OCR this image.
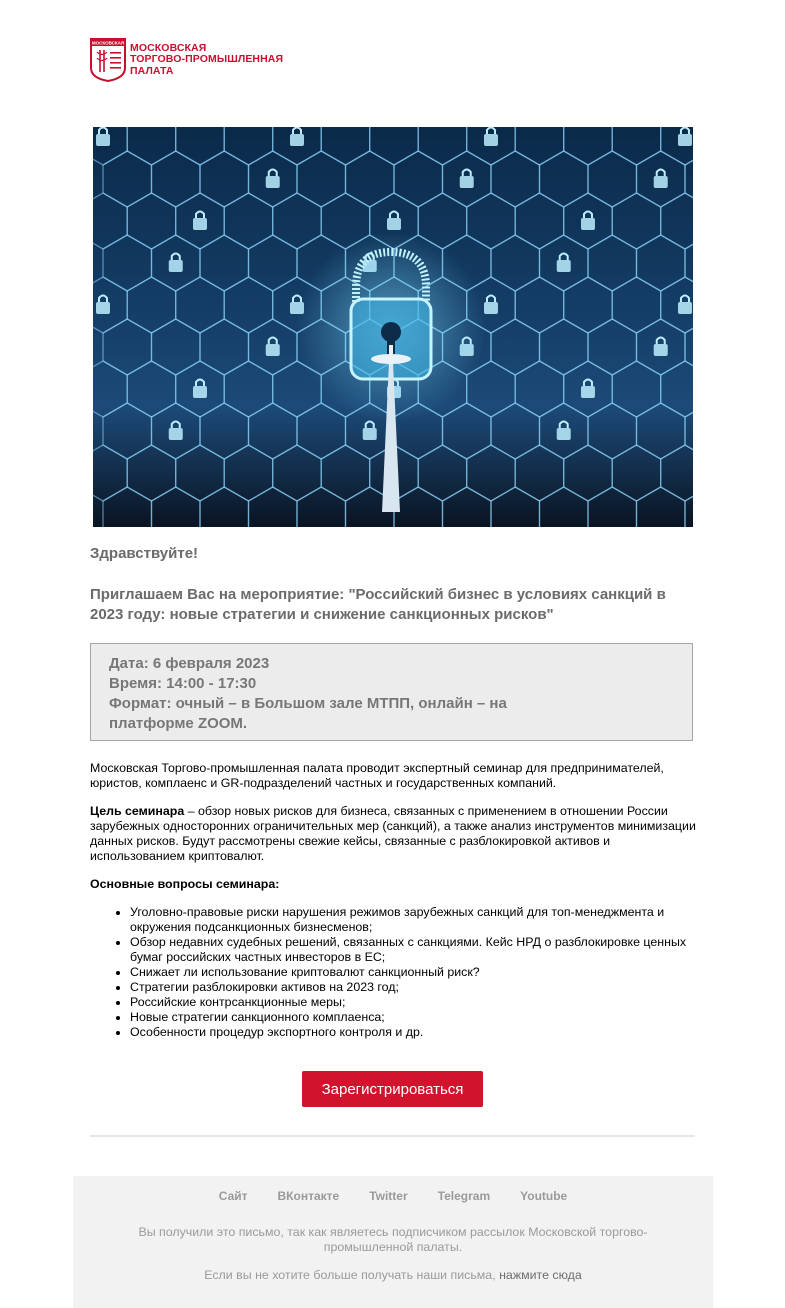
МОСКОВСКАЯ МОСКОВСКАЯ
ТОРГОВО-ПРОМЫШЛЕННАЯ
ПАЛАТА
Здравствуйте!
Приглашаем Вас на мероприятие: "Российский бизнес в условиях санкций в 2023 году: новые стратегии и снижение санкционных рисков"
Дата: 6 февраля 2023
Время: 14:00 - 17:30
Формат: очный – в Большом зале МТПП, онлайн – на платформе ZOOM.
Московская Торгово-промышленная палата проводит экспертный семинар для предпринимателей, юристов, комплаенс и GR-подразделений частных и государственных компаний.
Цель семинара – обзор новых рисков для бизнеса, связанных с применением в отношении России зарубежных односторонних ограничительных мер (санкций), а также анализ инструментов минимизации данных рисков. Будут рассмотрены свежие кейсы, связанные с разблокировкой активов и использованием криптовалют.
Основные вопросы семинара:
• Уголовно-правовые риски нарушения режимов зарубежных санкций для топ-менеджмента и окружения подсанкционных бизнесменов;
• Обзор недавних судебных решений, связанных с санкциями. Кейс НРД о разблокировке ценных бумаг российских частных инвесторов в ЕС;
• Снижает ли использование криптовалют санкционный риск?
• Стратегии разблокировки активов на 2023 год;
• Российские контрсанкционные меры;
• Новые стратегии санкционного комплаенса;
• Особенности процедур экспортного контроля и др.
Зарегистрироваться
Сайт	ВКонтакте	Twitter	Telegram	Youtube
Вы получили это письмо, так как являетесь подписчиком рассылок Московской торгово-промышленной палаты.
Если вы не хотите больше получать наши письма, нажмите сюда
